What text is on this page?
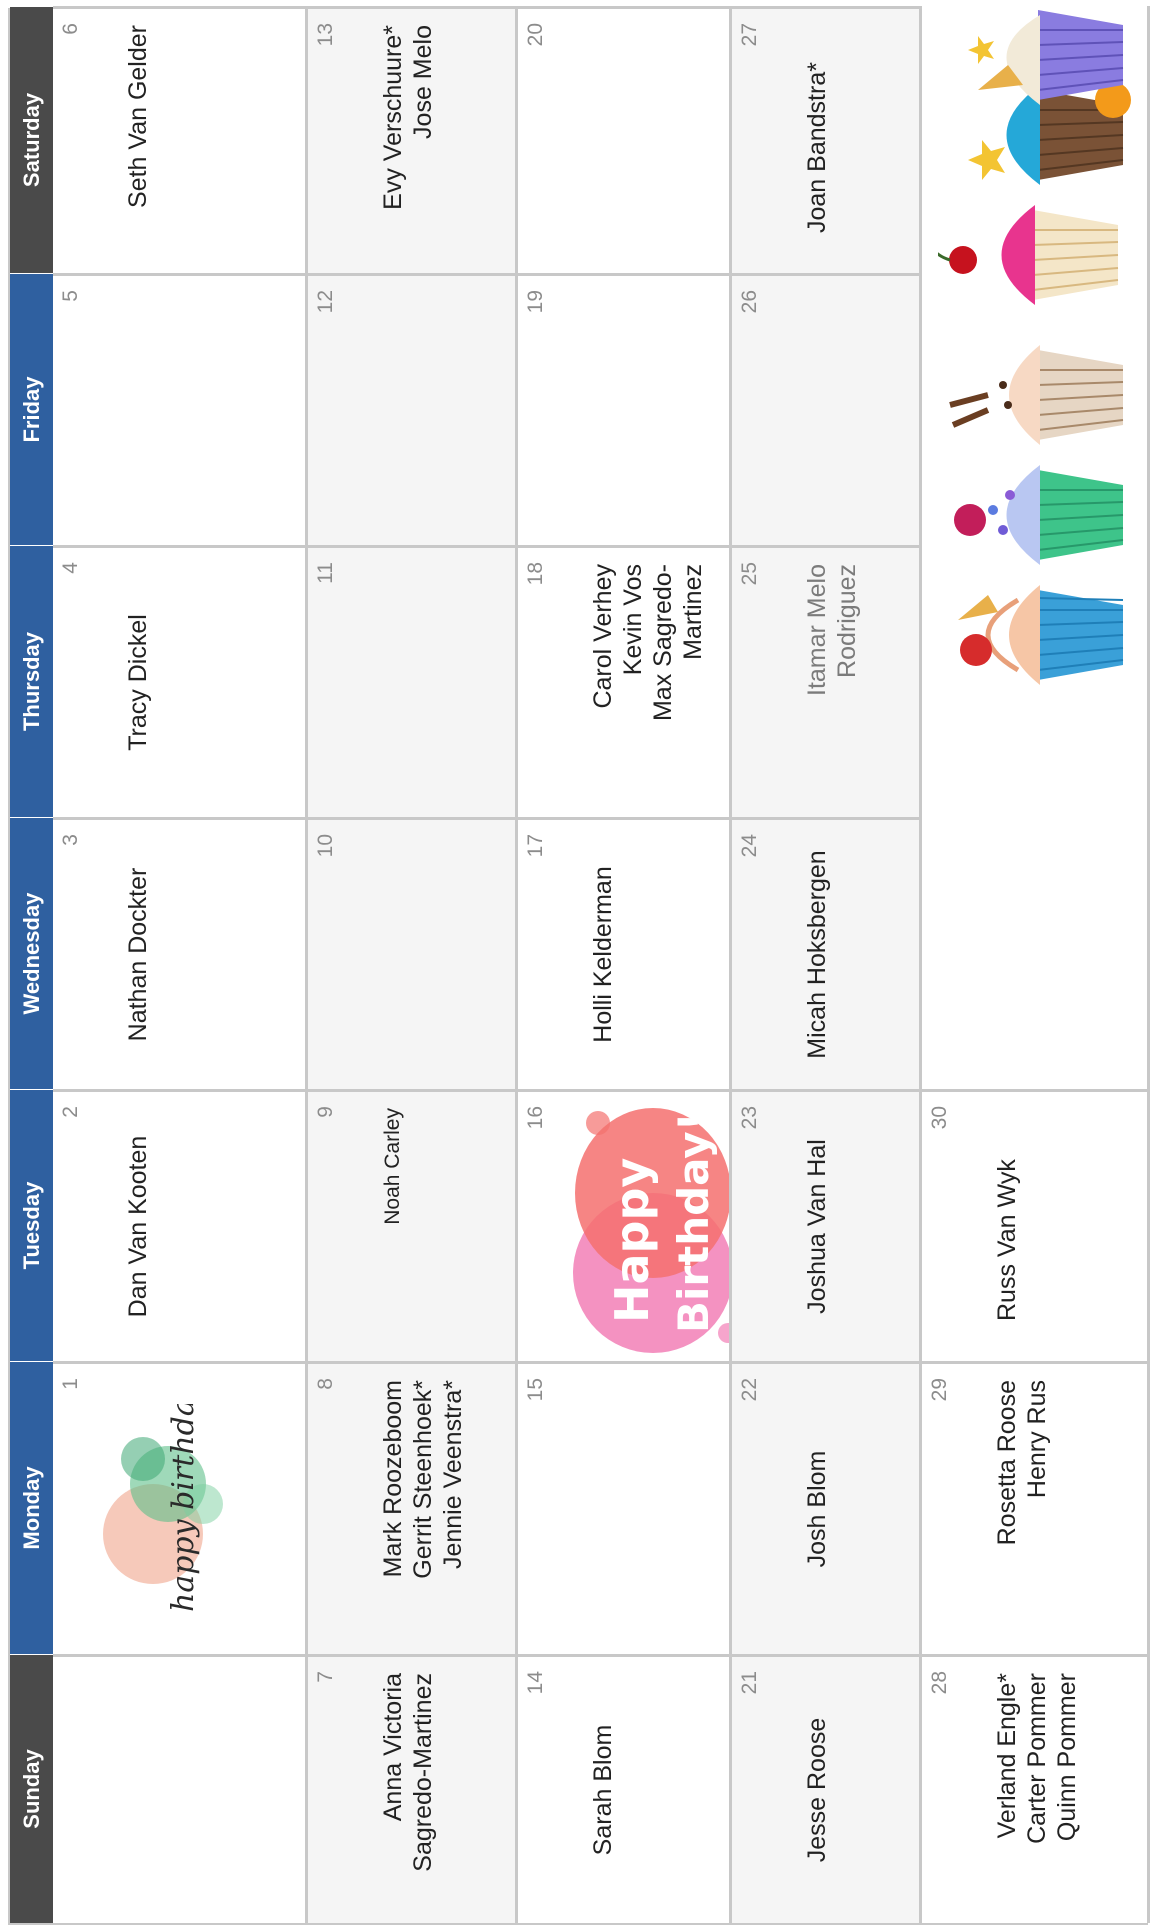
Sunday
Monday
Tuesday
Wednesday
Thursday
Friday
Saturday
1	happy birthday
2
Dan Van Kooten
3
Nathan Dockter
4
Tracy Dickel
5
6 Seth Van Gelder
7 Anna Victoria Sagredo-Martinez
8 Mark Roozeboom Gerrit Steenhoek* Jennie Veenstra*
9 Noah Carley
10
11
12
13 Evy Verschuure* Jose Melo
14
Sarah Blom
15
16
Happy Birthday!
17
Holli Kelderman
18 Carol Verhey Kevin Vos Max Sagredo- Martinez
19
20
21
Jesse Roose
22
Josh Blom
23
Joshua Van Hal
24
Micah Hoksbergen
25 Itamar Melo Rodriguez
26
27
Joan Bandstra*
28 Verland Engle* Carter Pommer Quinn Pommer
29 Rosetta Roose Henry Rus
30
Russ Van Wyk
